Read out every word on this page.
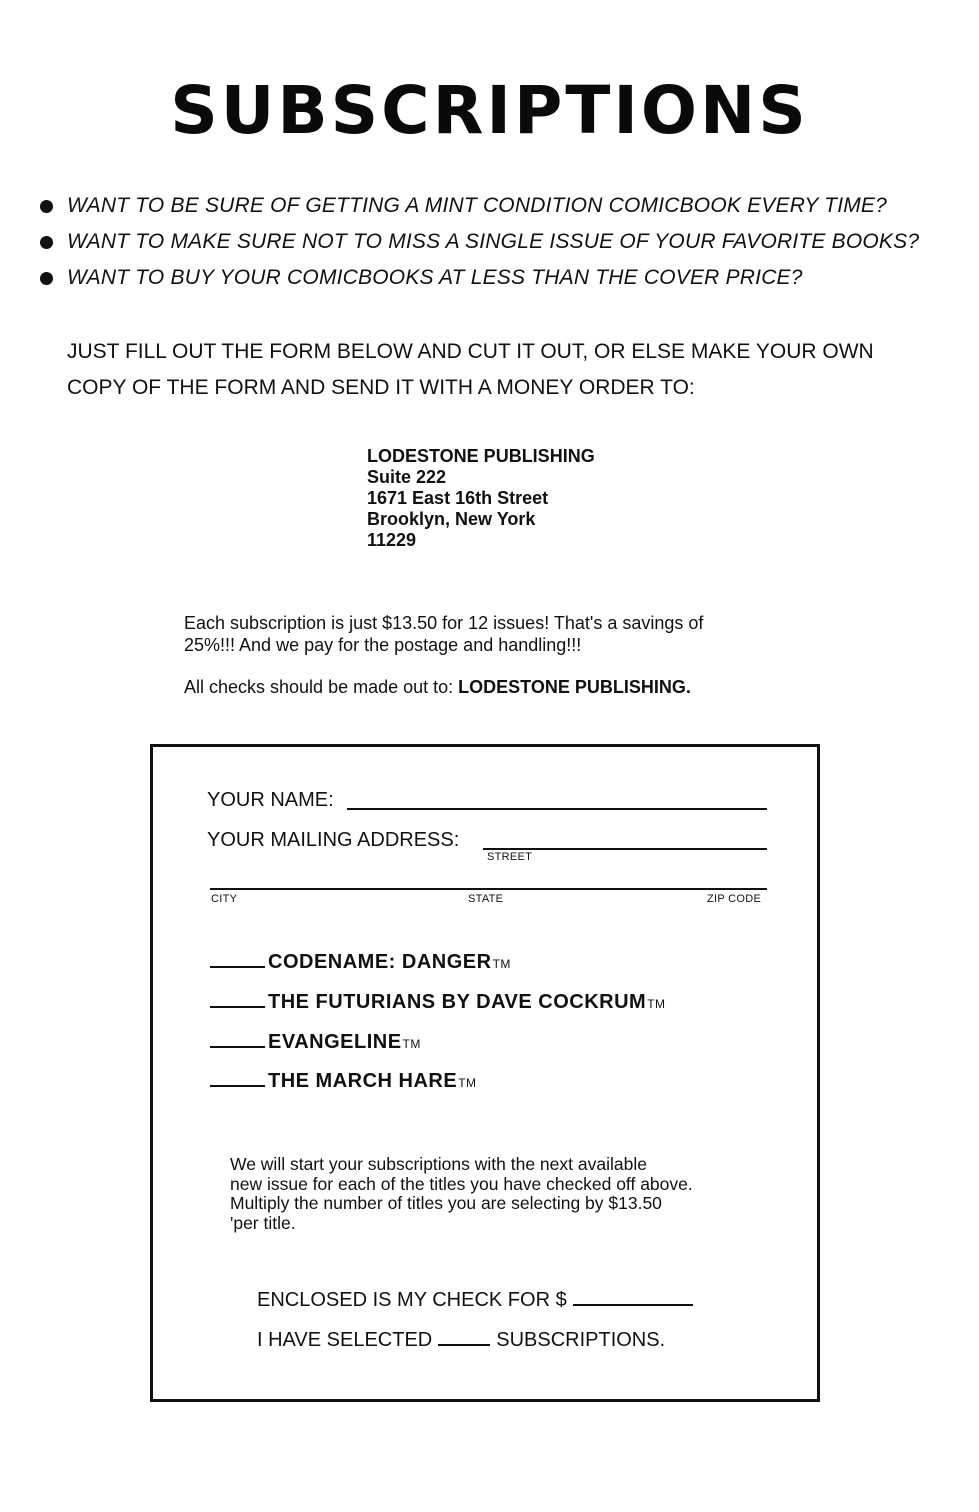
SUBSCRIPTIONS
WANT TO BE SURE OF GETTING A MINT CONDITION COMICBOOK EVERY TIME?
WANT TO MAKE SURE NOT TO MISS A SINGLE ISSUE OF YOUR FAVORITE BOOKS?
WANT TO BUY YOUR COMICBOOKS AT LESS THAN THE COVER PRICE?
JUST FILL OUT THE FORM BELOW AND CUT IT OUT, OR ELSE MAKE YOUR OWN
COPY OF THE FORM AND SEND IT WITH A MONEY ORDER TO:
LODESTONE PUBLISHING
Suite 222
1671 East 16th Street
Brooklyn, New York
11229
Each subscription is just $13.50 for 12 issues! That's a savings of
25%!!! And we pay for the postage and handling!!!
All checks should be made out to: LODESTONE PUBLISHING.
YOUR NAME:
YOUR MAILING ADDRESS:
STREET
CITY	STATE	ZIP CODE
CODENAME: DANGER TM
THE FUTURIANS BY DAVE COCKRUM TM
EVANGELINE TM
THE MARCH HARE TM
We will start your subscriptions with the next available
new issue for each of the titles you have checked off above.
Multiply the number of titles you are selecting by $13.50
'per title.
ENCLOSED IS MY CHECK FOR $
I HAVE SELECTED	SUBSCRIPTIONS.
